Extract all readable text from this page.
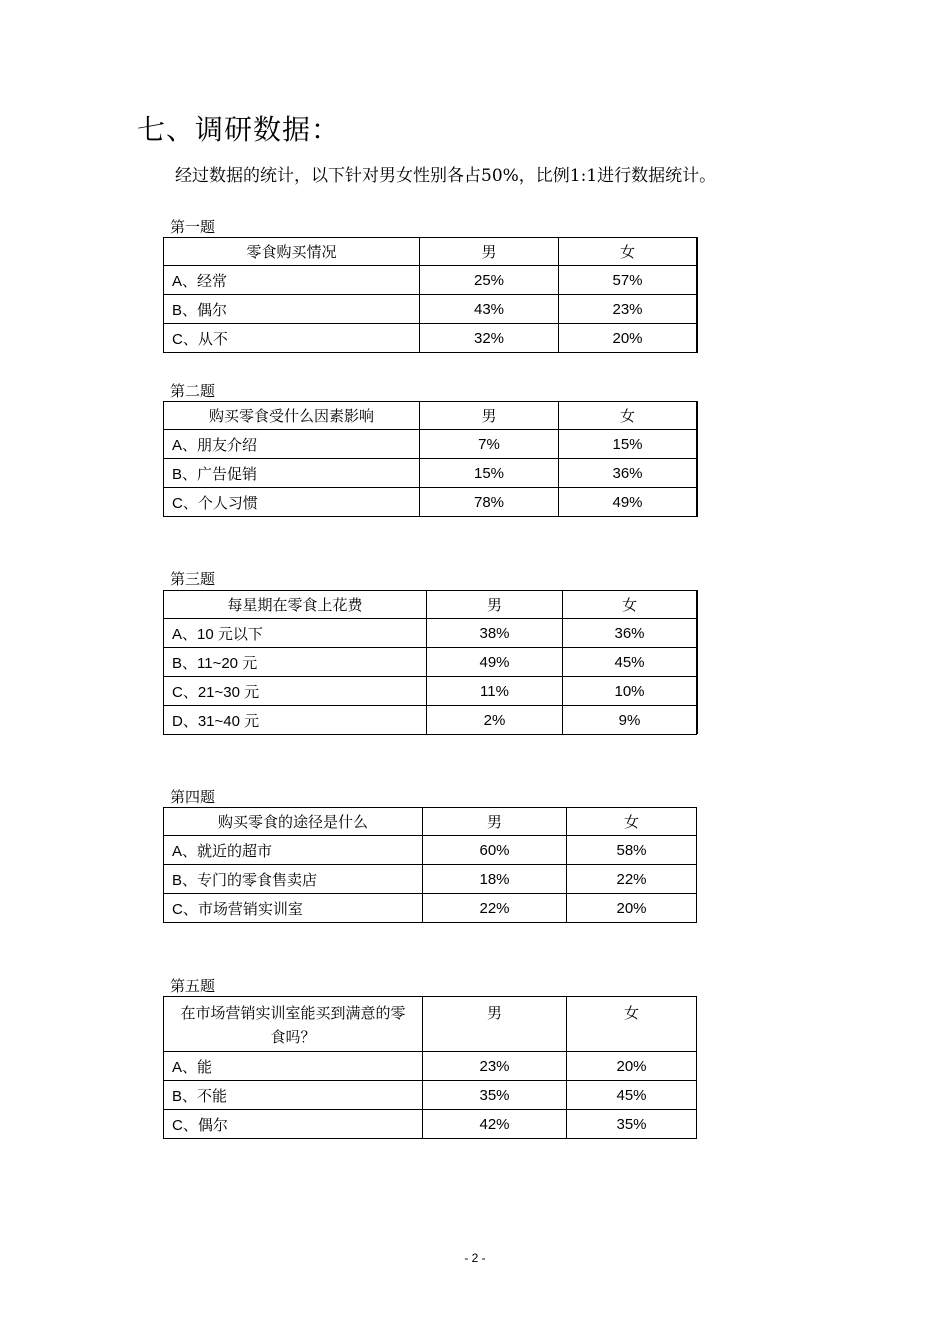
七、调研数据：
经过数据的统计，以下针对男女性别各占50%，比例1:1进行数据统计。
第一题
零食购买情况	男	女
A、经常	25%	57%
B、偶尔	43%	23%
C、从不	32%	20%
第二题
购买零食受什么因素影响	男	女
A、朋友介绍	7%	15%
B、广告促销	15%	36%
C、个人习惯	78%	49%
第三题
每星期在零食上花费	男	女
A、10 元以下	38%	36%
B、11~20 元	49%	45%
C、21~30 元	11%	10%
D、31~40 元	2%	9%
第四题
购买零食的途径是什么	男	女
A、就近的超市	60%	58%
B、专门的零食售卖店	18%	22%
C、市场营销实训室	22%	20%
第五题
在市场营销实训室能买到满意的零食吗？	男	女
A、能	23%	20%
B、不能	35%	45%
C、偶尔	42%	35%
- 2 -
